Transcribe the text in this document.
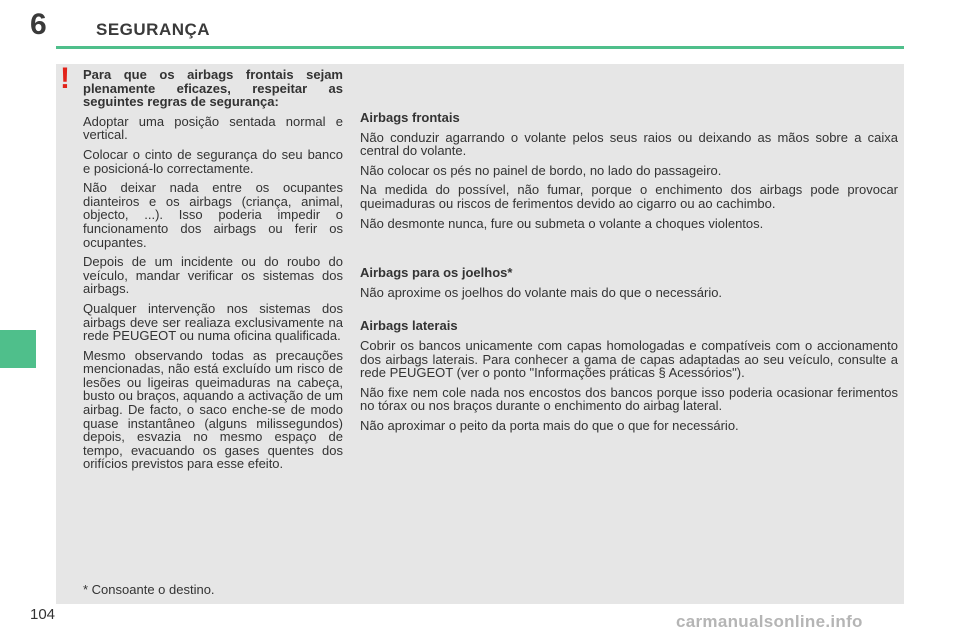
6	SEGURANÇA
! Para que os airbags frontais sejam plenamente eficazes, respeitar as seguintes regras de segurança:

Adoptar uma posição sentada normal e vertical.

Colocar o cinto de segurança do seu banco e posicioná-lo correctamente.

Não deixar nada entre os ocupantes dianteiros e os airbags (criança, animal, objecto, ...). Isso poderia impedir o funcionamento dos airbags ou ferir os ocupantes.

Depois de um incidente ou do roubo do veículo, mandar verificar os sistemas dos airbags.

Qualquer intervenção nos sistemas dos airbags deve ser realiaza exclusivamente na rede PEUGEOT ou numa oficina qualificada.

Mesmo observando todas as precauções mencionadas, não está excluído um risco de lesões ou ligeiras queimaduras na cabeça, busto ou braços, aquando a activação de um airbag. De facto, o saco enche-se de modo quase instantâneo (alguns milissegundos) depois, esvazia no mesmo espaço de tempo, evacuando os gases quentes dos orifícios previstos para esse efeito.

Airbags frontais

Não conduzir agarrando o volante pelos seus raios ou deixando as mãos sobre a caixa central do volante.

Não colocar os pés no painel de bordo, no lado do passageiro.

Na medida do possível, não fumar, porque o enchimento dos airbags pode provocar queimaduras ou riscos de ferimentos devido ao cigarro ou ao cachimbo.

Não desmonte nunca, fure ou submeta o volante a choques violentos.

Airbags para os joelhos*

Não aproxime os joelhos do volante mais do que o necessário.

Airbags laterais

Cobrir os bancos unicamente com capas homologadas e compatíveis com o accionamento dos airbags laterais. Para conhecer a gama de capas adaptadas ao seu veículo, consulte a rede PEUGEOT (ver o ponto "Informações práticas § Acessórios").

Não fixe nem cole nada nos encostos dos bancos porque isso poderia ocasionar ferimentos no tórax ou nos braços durante o enchimento do airbag lateral.

Não aproximar o peito da porta mais do que o que for necessário.

* Consoante o destino.
104	carmanualsonline.info
